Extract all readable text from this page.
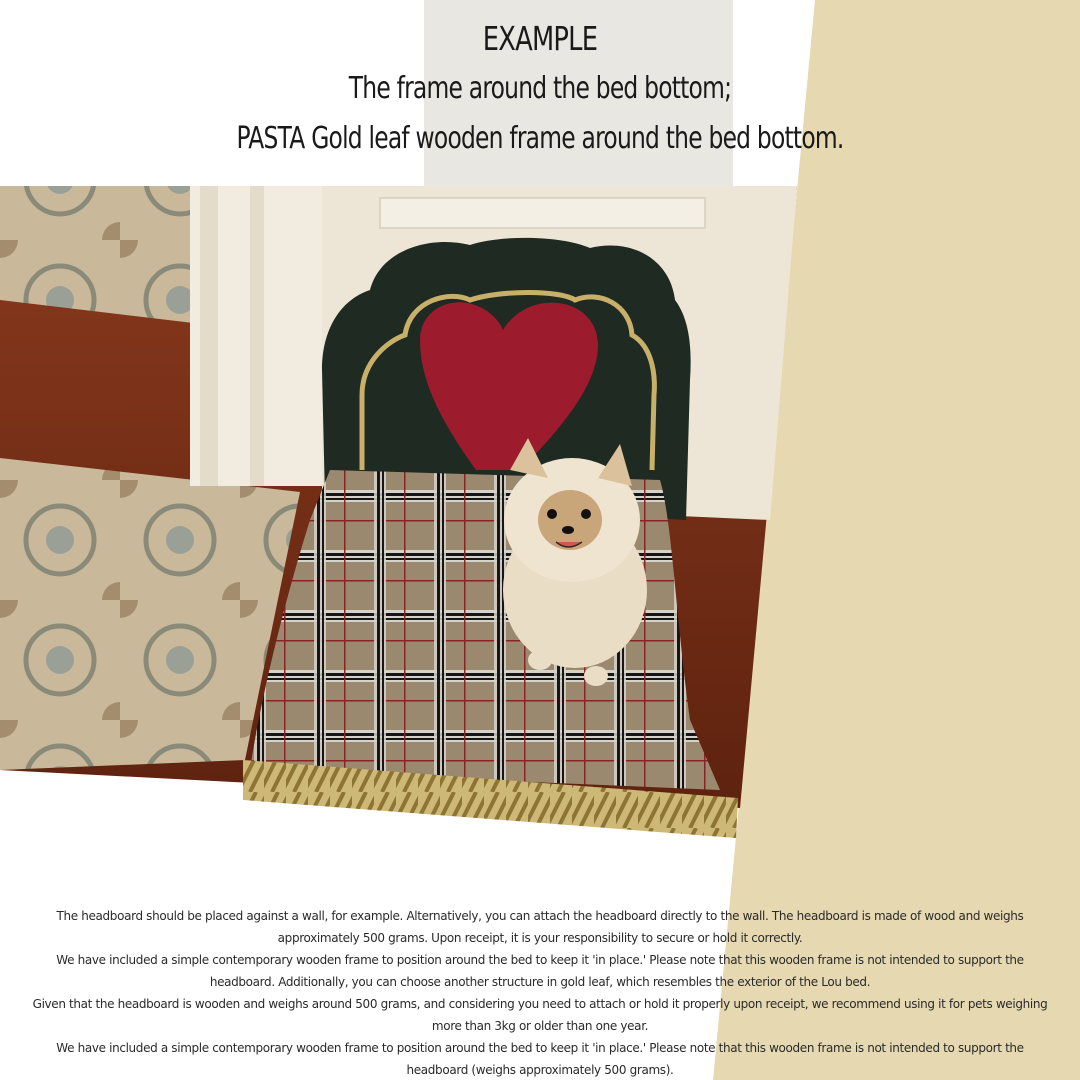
EXAMPLE
The frame around the bed bottom;
PASTA Gold leaf wooden frame around the bed bottom.

The headboard should be placed against a wall, for example. Alternatively, you can attach the headboard directly to the wall. The headboard is made of wood and weighs approximately 500 grams. Upon receipt, it is your responsibility to secure or hold it correctly.

We have included a simple contemporary wooden frame to position around the bed to keep it 'in place.' Please note that this wooden frame is not intended to support the headboard. Additionally, you can choose another structure in gold leaf, which resembles the exterior of the Lou bed.

Given that the headboard is wooden and weighs around 500 grams, and considering you need to attach or hold it properly upon receipt, we recommend using it for pets weighing more than 3kg or older than one year.

We have included a simple contemporary wooden frame to position around the bed to keep it 'in place.' Please note that this wooden frame is not intended to support the headboard (weighs approximately 500 grams).
